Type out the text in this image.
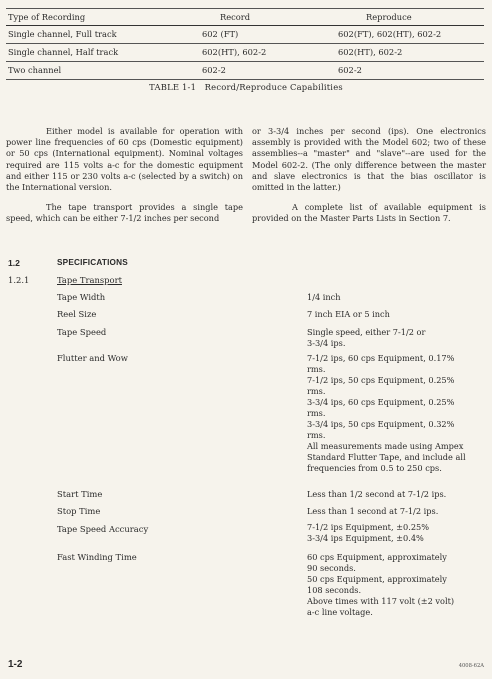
Type of Recording	Record	Reproduce
Single channel, Full track	602 (FT)	602(FT), 602(HT), 602-2
Single channel, Half track	602(HT), 602-2	602(HT), 602-2
Two channel	602-2	602-2
TABLE 1-1   Record/Reproduce Capabilities

Either model is available for operation with power line frequencies of 60 cps (Domestic equipment) or 50 cps (International equipment). Nominal voltages required are 115 volts a-c for the domestic equipment and either 115 or 230 volts a-c (selected by a switch) on the International version.

The tape transport provides a single tape speed, which can be either 7-1/2 inches per second

or 3-3/4 inches per second (ips). One electronics assembly is provided with the Model 602; two of these assemblies--a "master" and "slave"--are used for the Model 602-2. (The only difference between the master and slave electronics is that the bias oscillator is omitted in the latter.)

A complete list of available equipment is provided on the Master Parts Lists in Section 7.

1.2	SPECIFICATIONS
1.2.1	Tape Transport
Tape Width	1/4 inch
Reel Size	7 inch EIA or 5 inch
Tape Speed	Single speed, either 7-1/2 or
3-3/4 ips.
Flutter and Wow	7-1/2 ips, 60 cps Equipment, 0.17%
rms.
7-1/2 ips, 50 cps Equipment, 0.25%
rms.
3-3/4 ips, 60 cps Equipment, 0.25%
rms.
3-3/4 ips, 50 cps Equipment, 0.32%
rms.
All measurements made using Ampex
Standard Flutter Tape, and include all
frequencies from 0.5 to 250 cps.
Start Time	Less than 1/2 second at 7-1/2 ips.
Stop Time	Less than 1 second at 7-1/2 ips.
Tape Speed Accuracy	7-1/2 ips Equipment, ±0.25%
3-3/4 ips Equipment, ±0.4%
Fast Winding Time	60 cps Equipment, approximately
90 seconds.
50 cps Equipment, approximately
108 seconds.
Above times with 117 volt (±2 volt)
a-c line voltage.
1-2	4008-62A
